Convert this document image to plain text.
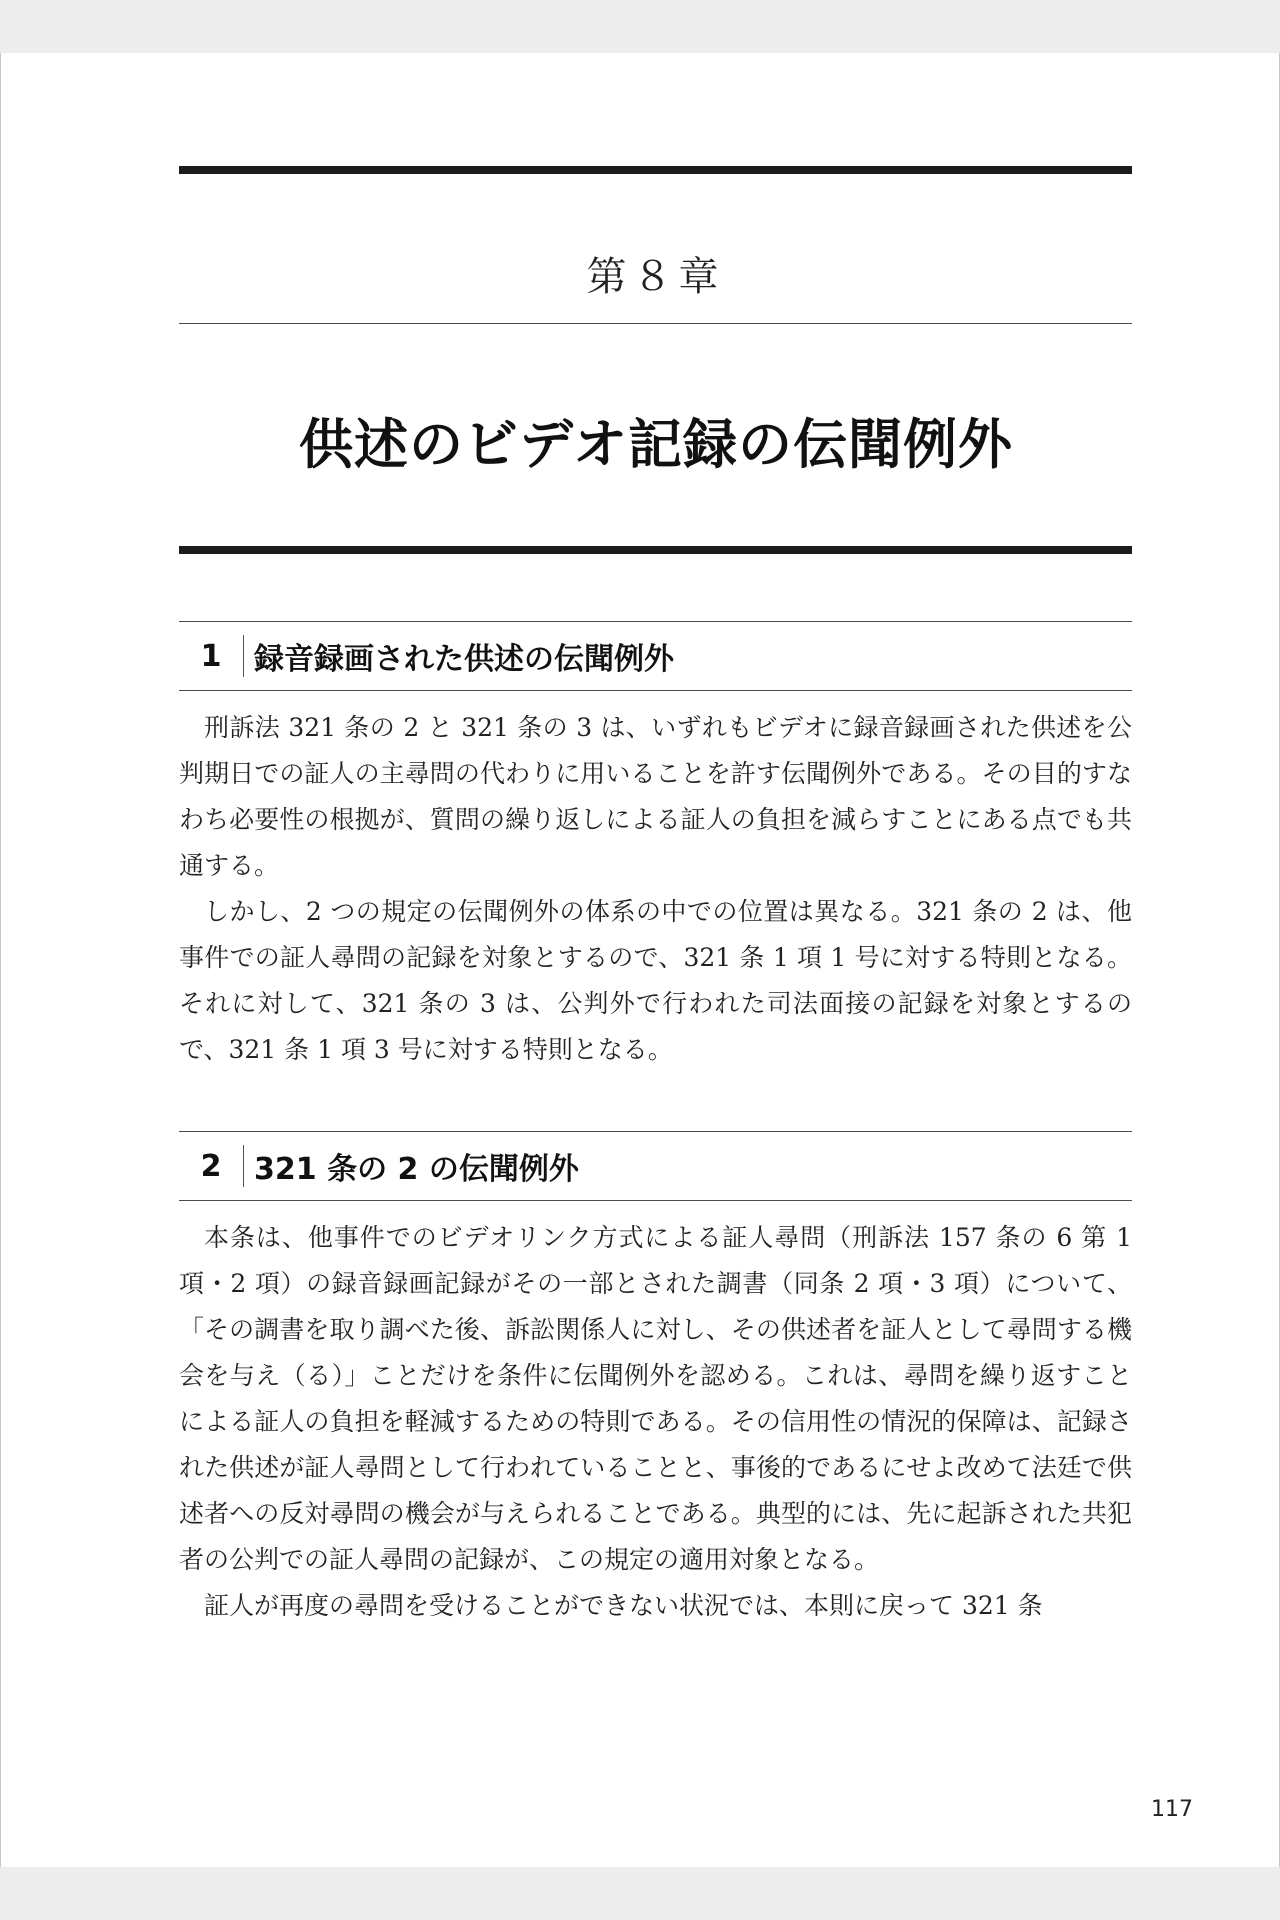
第８章
供述のビデオ記録の伝聞例外
1	録音録画された供述の伝聞例外

刑訴法 321 条の 2 と 321 条の 3 は、いずれもビデオに録音録画された供述を公判期日での証人の主尋問の代わりに用いることを許す伝聞例外である。その目的すなわち必要性の根拠が、質問の繰り返しによる証人の負担を減らすことにある点でも共通する。

しかし、2 つの規定の伝聞例外の体系の中での位置は異なる。321 条の 2 は、他事件での証人尋問の記録を対象とするので、321 条 1 項 1 号に対する特則となる。それに対して、321 条の 3 は、公判外で行われた司法面接の記録を対象とするので、321 条 1 項 3 号に対する特則となる。

2	321 条の 2 の伝聞例外

本条は、他事件でのビデオリンク方式による証人尋問（刑訴法 157 条の 6 第 1 項・2 項）の録音録画記録がその一部とされた調書（同条 2 項・3 項）について、「その調書を取り調べた後、訴訟関係人に対し、その供述者を証人として尋問する機会を与え（る）」ことだけを条件に伝聞例外を認める。これは、尋問を繰り返すことによる証人の負担を軽減するための特則である。その信用性の情況的保障は、記録された供述が証人尋問として行われていることと、事後的であるにせよ改めて法廷で供述者への反対尋問の機会が与えられることである。典型的には、先に起訴された共犯者の公判での証人尋問の記録が、この規定の適用対象となる。

証人が再度の尋問を受けることができない状況では、本則に戻って 321 条

117
